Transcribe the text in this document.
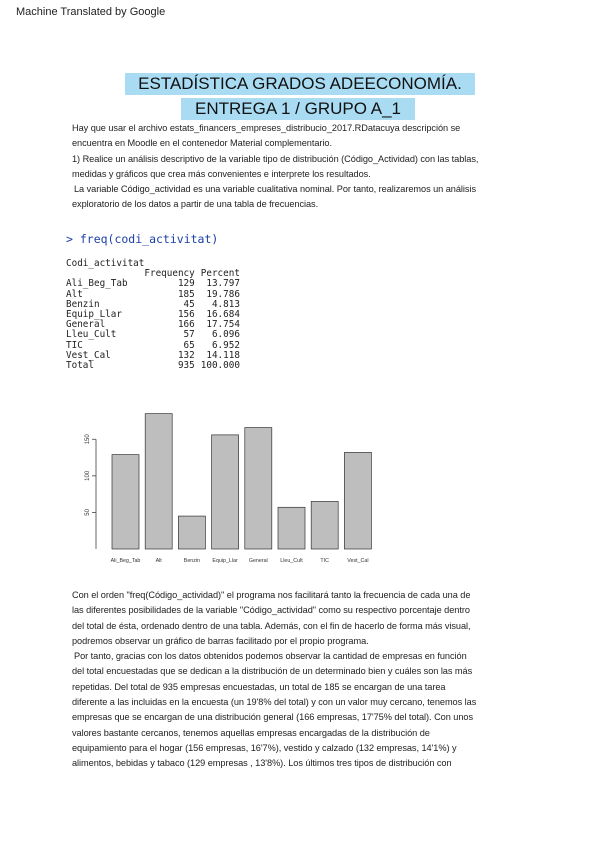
Machine Translated by Google
ESTADÍSTICA GRADOS ADEECONOMÍA.
ENTREGA 1 / GRUPO A_1
Hay que usar el archivo estats_financers_empreses_distribucio_2017.RDatacuya descripción se
encuentra en Moodle en el contenedor Material complementario.
1) Realice un análisis descriptivo de la variable tipo de distribución (Código_Actividad) con las tablas,
medidas y gráficos que crea más convenientes e interprete los resultados.
La variable Código_actividad es una variable cualitativa nominal. Por tanto, realizaremos un análisis
exploratorio de los datos a partir de una tabla de frecuencias.
> freq(codi_activitat)
Codi_activitat		
	Frequency	Percent
Ali_Beg_Tab	129	13.797
Alt	185	19.786
Benzin	45	4.813
Equip_Llar	156	16.684
General	166	17.754
Lleu_Cult	57	6.096
TIC	65	6.952
Vest_Cal	132	14.118
Total	935	100.000
50
100
150
Ali_Beg_Tab	Alt	Benzin Equip_Llar General Lleu_Cult	TIC	Vest_Cal
Con el orden "freq(Código_actividad)" el programa nos facilitará tanto la frecuencia de cada una de
las diferentes posibilidades de la variable "Código_actividad" como su respectivo porcentaje dentro
del total de ésta, ordenado dentro de una tabla. Además, con el fin de hacerlo de forma más visual,
podremos observar un gráfico de barras facilitado por el propio programa.
Por tanto, gracias con los datos obtenidos podemos observar la cantidad de empresas en función
del total encuestadas que se dedican a la distribución de un determinado bien y cuáles son las más
repetidas. Del total de 935 empresas encuestadas, un total de 185 se encargan de una tarea
diferente a las incluidas en la encuesta (un 19'8% del total) y con un valor muy cercano, tenemos las
empresas que se encargan de una distribución general (166 empresas, 17'75% del total). Con unos
valores bastante cercanos, tenemos aquellas empresas encargadas de la distribución de
equipamiento para el hogar (156 empresas, 16'7%), vestido y calzado (132 empresas, 14'1%) y
alimentos, bebidas y tabaco (129 empresas , 13'8%). Los últimos tres tipos de distribución con
